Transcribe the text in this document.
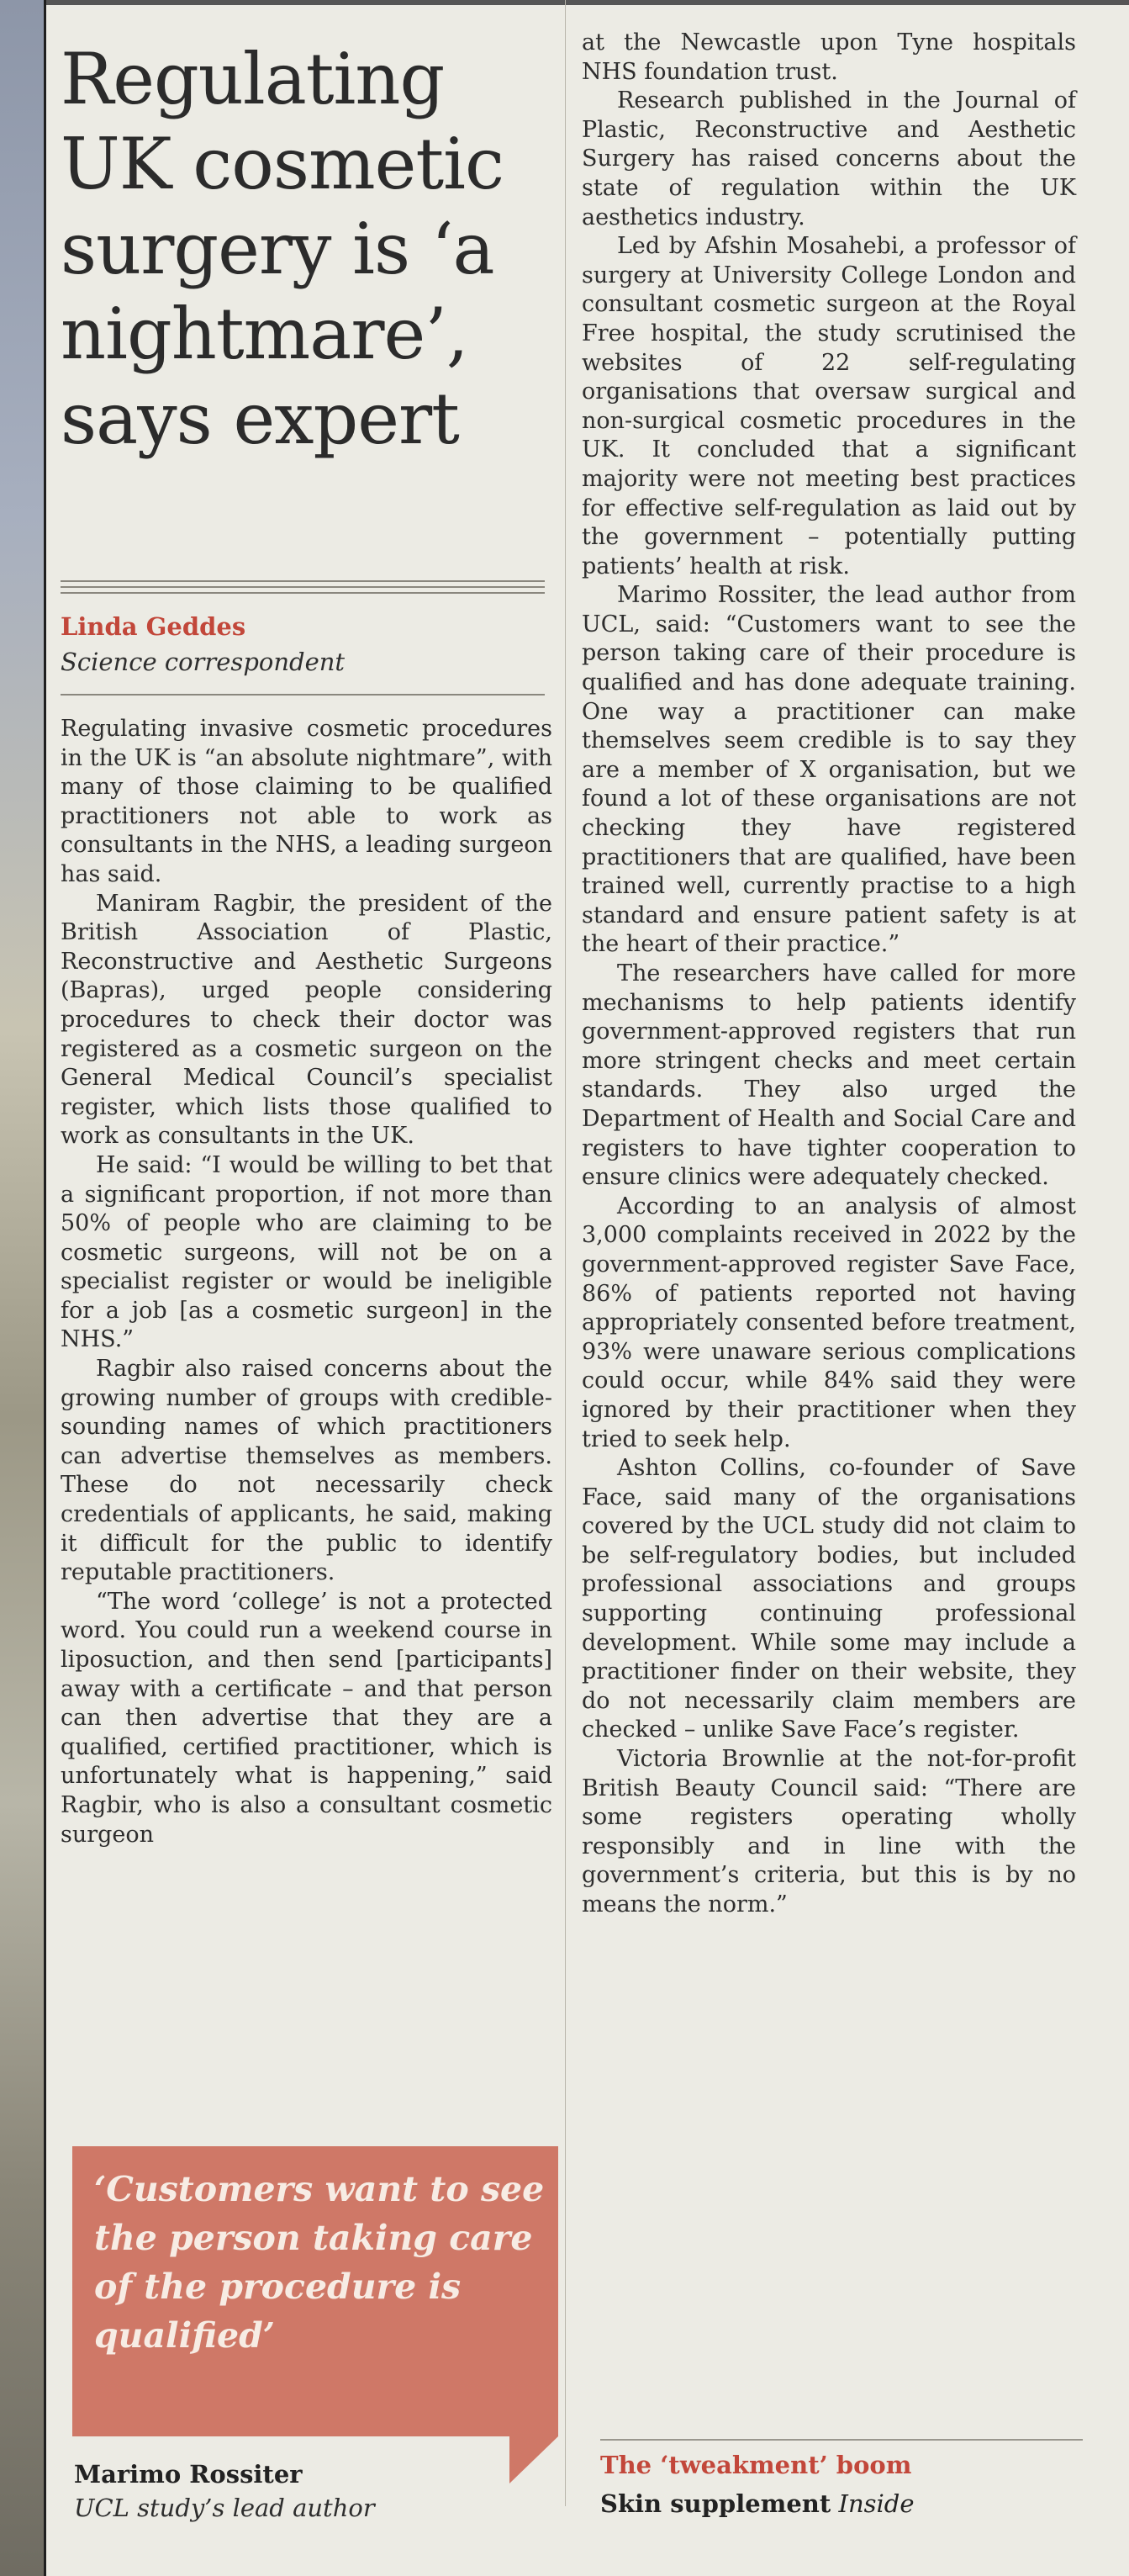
Regulating
UK cosmetic
surgery is ‘a
nightmare’,
says expert
Linda Geddes
Science correspondent

Regulating invasive cosmetic procedures in the UK is “an absolute nightmare”, with many of those claiming to be qualified practitioners not able to work as consultants in the NHS, a leading surgeon has said.

Maniram Ragbir, the president of the British Association of Plastic, Reconstructive and Aesthetic Surgeons (Bapras), urged people considering procedures to check their doctor was registered as a cosmetic surgeon on the General Medical Council’s specialist register, which lists those qualified to work as consultants in the UK.

He said: “I would be willing to bet that a significant proportion, if not more than 50% of people who are claiming to be cosmetic surgeons, will not be on a specialist register or would be ineligible for a job [as a cosmetic surgeon] in the NHS.”

Ragbir also raised concerns about the growing number of groups with credible-sounding names of which practitioners can advertise themselves as members. These do not necessarily check credentials of applicants, he said, making it difficult for the public to identify reputable practitioners.

“The word ‘college’ is not a protected word. You could run a weekend course in liposuction, and then send [participants] away with a certificate – and that person can then advertise that they are a qualified, certified practitioner, which is unfortunately what is happening,” said Ragbir, who is also a consultant cosmetic surgeon

at the Newcastle upon Tyne hospitals NHS foundation trust.

Research published in the Journal of Plastic, Reconstructive and Aesthetic Surgery has raised concerns about the state of regulation within the UK aesthetics industry.

Led by Afshin Mosahebi, a professor of surgery at University College London and consultant cosmetic surgeon at the Royal Free hospital, the study scrutinised the websites of 22 self-regulating organisations that oversaw surgical and non-surgical cosmetic procedures in the UK. It concluded that a significant majority were not meeting best practices for effective self-regulation as laid out by the government – potentially putting patients’ health at risk.

Marimo Rossiter, the lead author from UCL, said: “Customers want to see the person taking care of their procedure is qualified and has done adequate training. One way a practitioner can make themselves seem credible is to say they are a member of X organisation, but we found a lot of these organisations are not checking they have registered practitioners that are qualified, have been trained well, currently practise to a high standard and ensure patient safety is at the heart of their practice.”

The researchers have called for more mechanisms to help patients identify government-approved registers that run more stringent checks and meet certain standards. They also urged the Department of Health and Social Care and registers to have tighter cooperation to ensure clinics were adequately checked.

According to an analysis of almost 3,000 complaints received in 2022 by the government-approved register Save Face, 86% of patients reported not having appropriately consented before treatment, 93% were unaware serious complications could occur, while 84% said they were ignored by their practitioner when they tried to seek help.

Ashton Collins, co-founder of Save Face, said many of the organisations covered by the UCL study did not claim to be self-regulatory bodies, but included professional associations and groups supporting continuing professional development. While some may include a practitioner finder on their website, they do not necessarily claim members are checked – unlike Save Face’s register.

Victoria Brownlie at the not-for-profit British Beauty Council said: “There are some registers operating wholly responsibly and in line with the government’s criteria, but this is by no means the norm.”

‘Customers want to see the person taking care of the procedure is qualified’
Marimo Rossiter
UCL study’s lead author
The ‘tweakment’ boom
Skin supplement Inside
